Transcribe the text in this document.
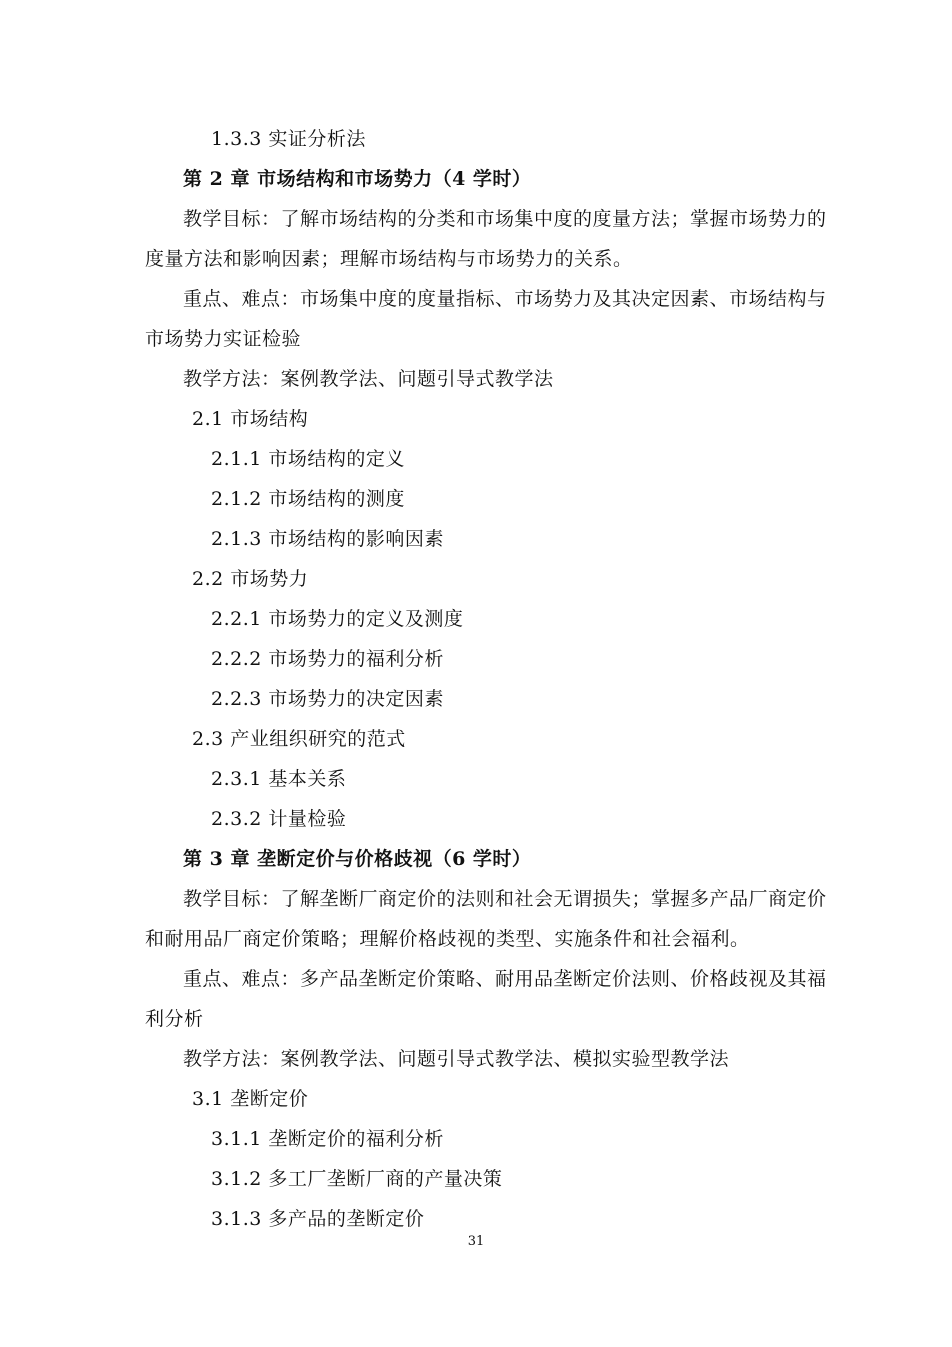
1.3.3 实证分析法
第 2 章 市场结构和市场势力（4 学时）
教学目标：了解市场结构的分类和市场集中度的度量方法；掌握市场势力的
度量方法和影响因素；理解市场结构与市场势力的关系。
重点、难点：市场集中度的度量指标、市场势力及其决定因素、市场结构与
市场势力实证检验
教学方法：案例教学法、问题引导式教学法
2.1 市场结构
2.1.1 市场结构的定义
2.1.2 市场结构的测度
2.1.3 市场结构的影响因素
2.2 市场势力
2.2.1 市场势力的定义及测度
2.2.2 市场势力的福利分析
2.2.3 市场势力的决定因素
2.3 产业组织研究的范式
2.3.1 基本关系
2.3.2 计量检验
第 3 章 垄断定价与价格歧视（6 学时）
教学目标：了解垄断厂商定价的法则和社会无谓损失；掌握多产品厂商定价
和耐用品厂商定价策略；理解价格歧视的类型、实施条件和社会福利。
重点、难点：多产品垄断定价策略、耐用品垄断定价法则、价格歧视及其福
利分析
教学方法：案例教学法、问题引导式教学法、模拟实验型教学法
3.1 垄断定价
3.1.1 垄断定价的福利分析
3.1.2 多工厂垄断厂商的产量决策
3.1.3 多产品的垄断定价
31
